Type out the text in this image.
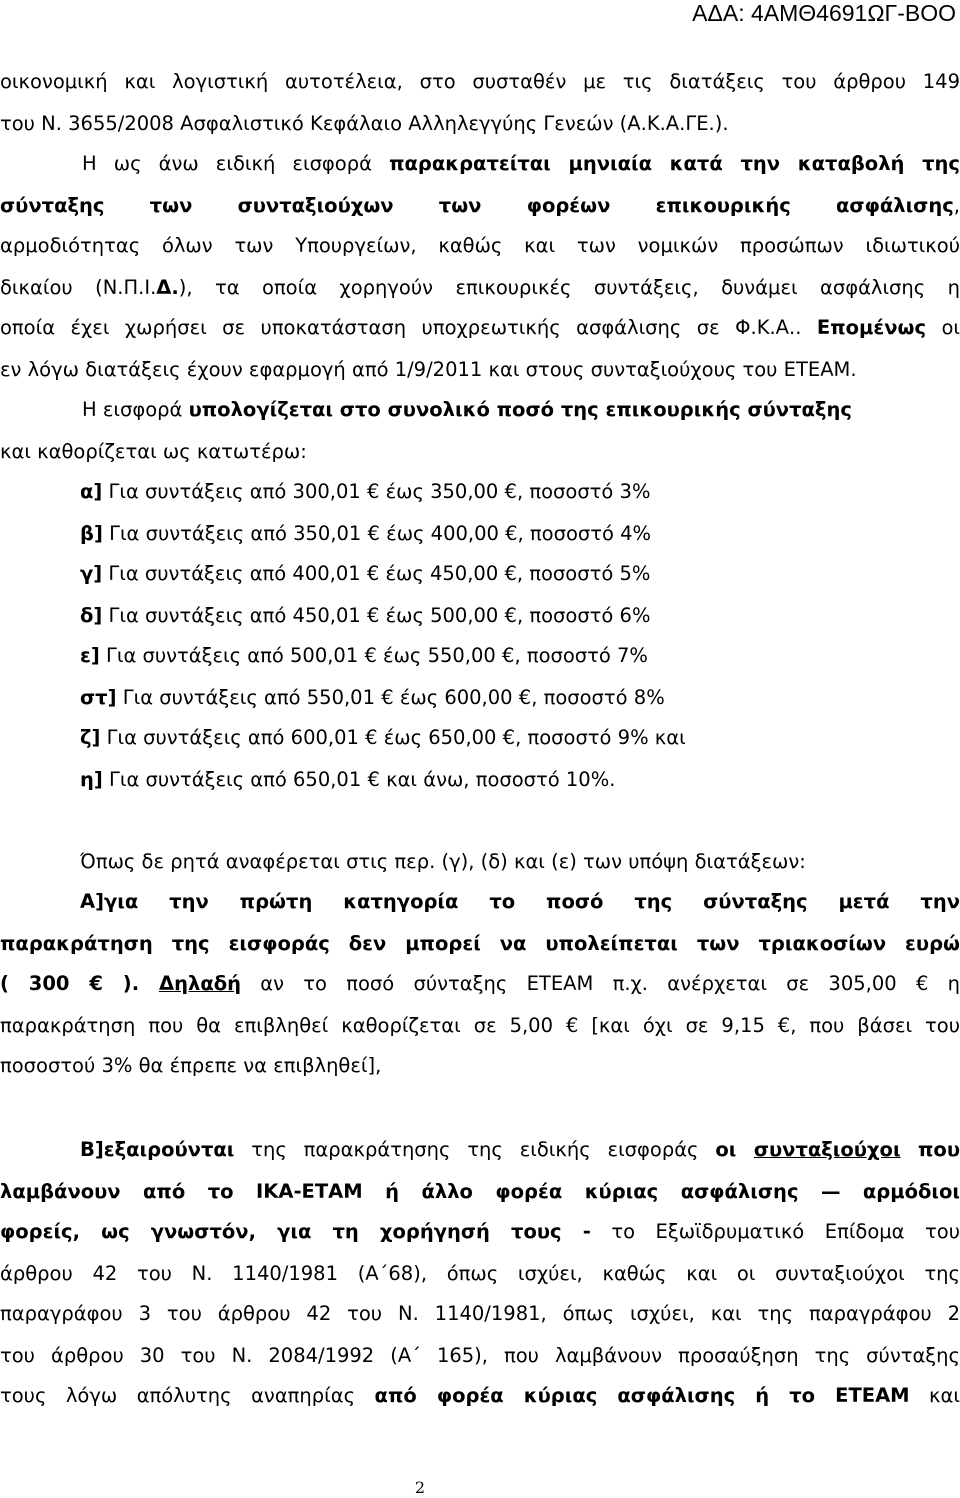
ΑΔΑ: 4ΑΜΘ4691ΩΓ-ΒΟΟ
οικονομική και λογιστική αυτοτέλεια, στο συσταθέν με τις διατάξεις του άρθρου 149
του Ν. 3655/2008 Ασφαλιστικό Κεφάλαιο Αλληλεγγύης Γενεών (Α.Κ.Α.ΓΕ.).
Η ως άνω ειδική εισφορά παρακρατείται μηνιαία κατά την καταβολή της
σύνταξης των συνταξιούχων των φορέων επικουρικής ασφάλισης,
αρμοδιότητας όλων των Υπουργείων, καθώς και των νομικών προσώπων ιδιωτικού
δικαίου (Ν.Π.Ι.Δ.), τα οποία χορηγούν επικουρικές συντάξεις, δυνάμει ασφάλισης η
οποία έχει χωρήσει σε υποκατάσταση υποχρεωτικής ασφάλισης σε Φ.Κ.Α.. Επομένως οι
εν λόγω διατάξεις έχουν εφαρμογή από 1/9/2011 και στους συνταξιούχους του ΕΤΕΑΜ.
Η εισφορά υπολογίζεται στο συνολικό ποσό της επικουρικής σύνταξης
και καθορίζεται ως κατωτέρω:
α] Για συντάξεις από 300,01 € έως 350,00 €, ποσοστό 3%
β] Για συντάξεις από 350,01 € έως 400,00 €, ποσοστό 4%
γ] Για συντάξεις από 400,01 € έως 450,00 €, ποσοστό 5%
δ] Για συντάξεις από 450,01 € έως 500,00 €, ποσοστό 6%
ε] Για συντάξεις από 500,01 € έως 550,00 €, ποσοστό 7%
στ] Για συντάξεις από 550,01 € έως 600,00 €, ποσοστό 8%
ζ] Για συντάξεις από 600,01 € έως 650,00 €, ποσοστό 9% και
η] Για συντάξεις από 650,01 € και άνω, ποσοστό 10%.
Όπως δε ρητά αναφέρεται στις περ. (γ), (δ) και (ε) των υπόψη διατάξεων:
Α]για την πρώτη κατηγορία το ποσό της σύνταξης μετά την
παρακράτηση της εισφοράς δεν μπορεί να υπολείπεται των τριακοσίων ευρώ
( 300 € ). Δηλαδή αν το ποσό σύνταξης ΕΤΕΑΜ π.χ. ανέρχεται σε 305,00 € η
παρακράτηση που θα επιβληθεί καθορίζεται σε 5,00 € [και όχι σε 9,15 €, που βάσει του
ποσοστού 3% θα έπρεπε να επιβληθεί],
Β]εξαιρούνται της παρακράτησης της ειδικής εισφοράς οι συνταξιούχοι που
λαμβάνουν από το ΙΚΑ-ΕΤΑΜ ή άλλο φορέα κύριας ασφάλισης — αρμόδιοι
φορείς, ως γνωστόν, για τη χορήγησή τους - το Εξωϊδρυματικό Επίδομα του
άρθρου 42 του Ν. 1140/1981 (Α΄68), όπως ισχύει, καθώς και οι συνταξιούχοι της
παραγράφου 3 του άρθρου 42 του Ν. 1140/1981, όπως ισχύει, και της παραγράφου 2
του άρθρου 30 του Ν. 2084/1992 (Α΄ 165), που λαμβάνουν προσαύξηση της σύνταξης
τους λόγω απόλυτης αναπηρίας από φορέα κύριας ασφάλισης ή το ΕΤΕΑΜ και
2
